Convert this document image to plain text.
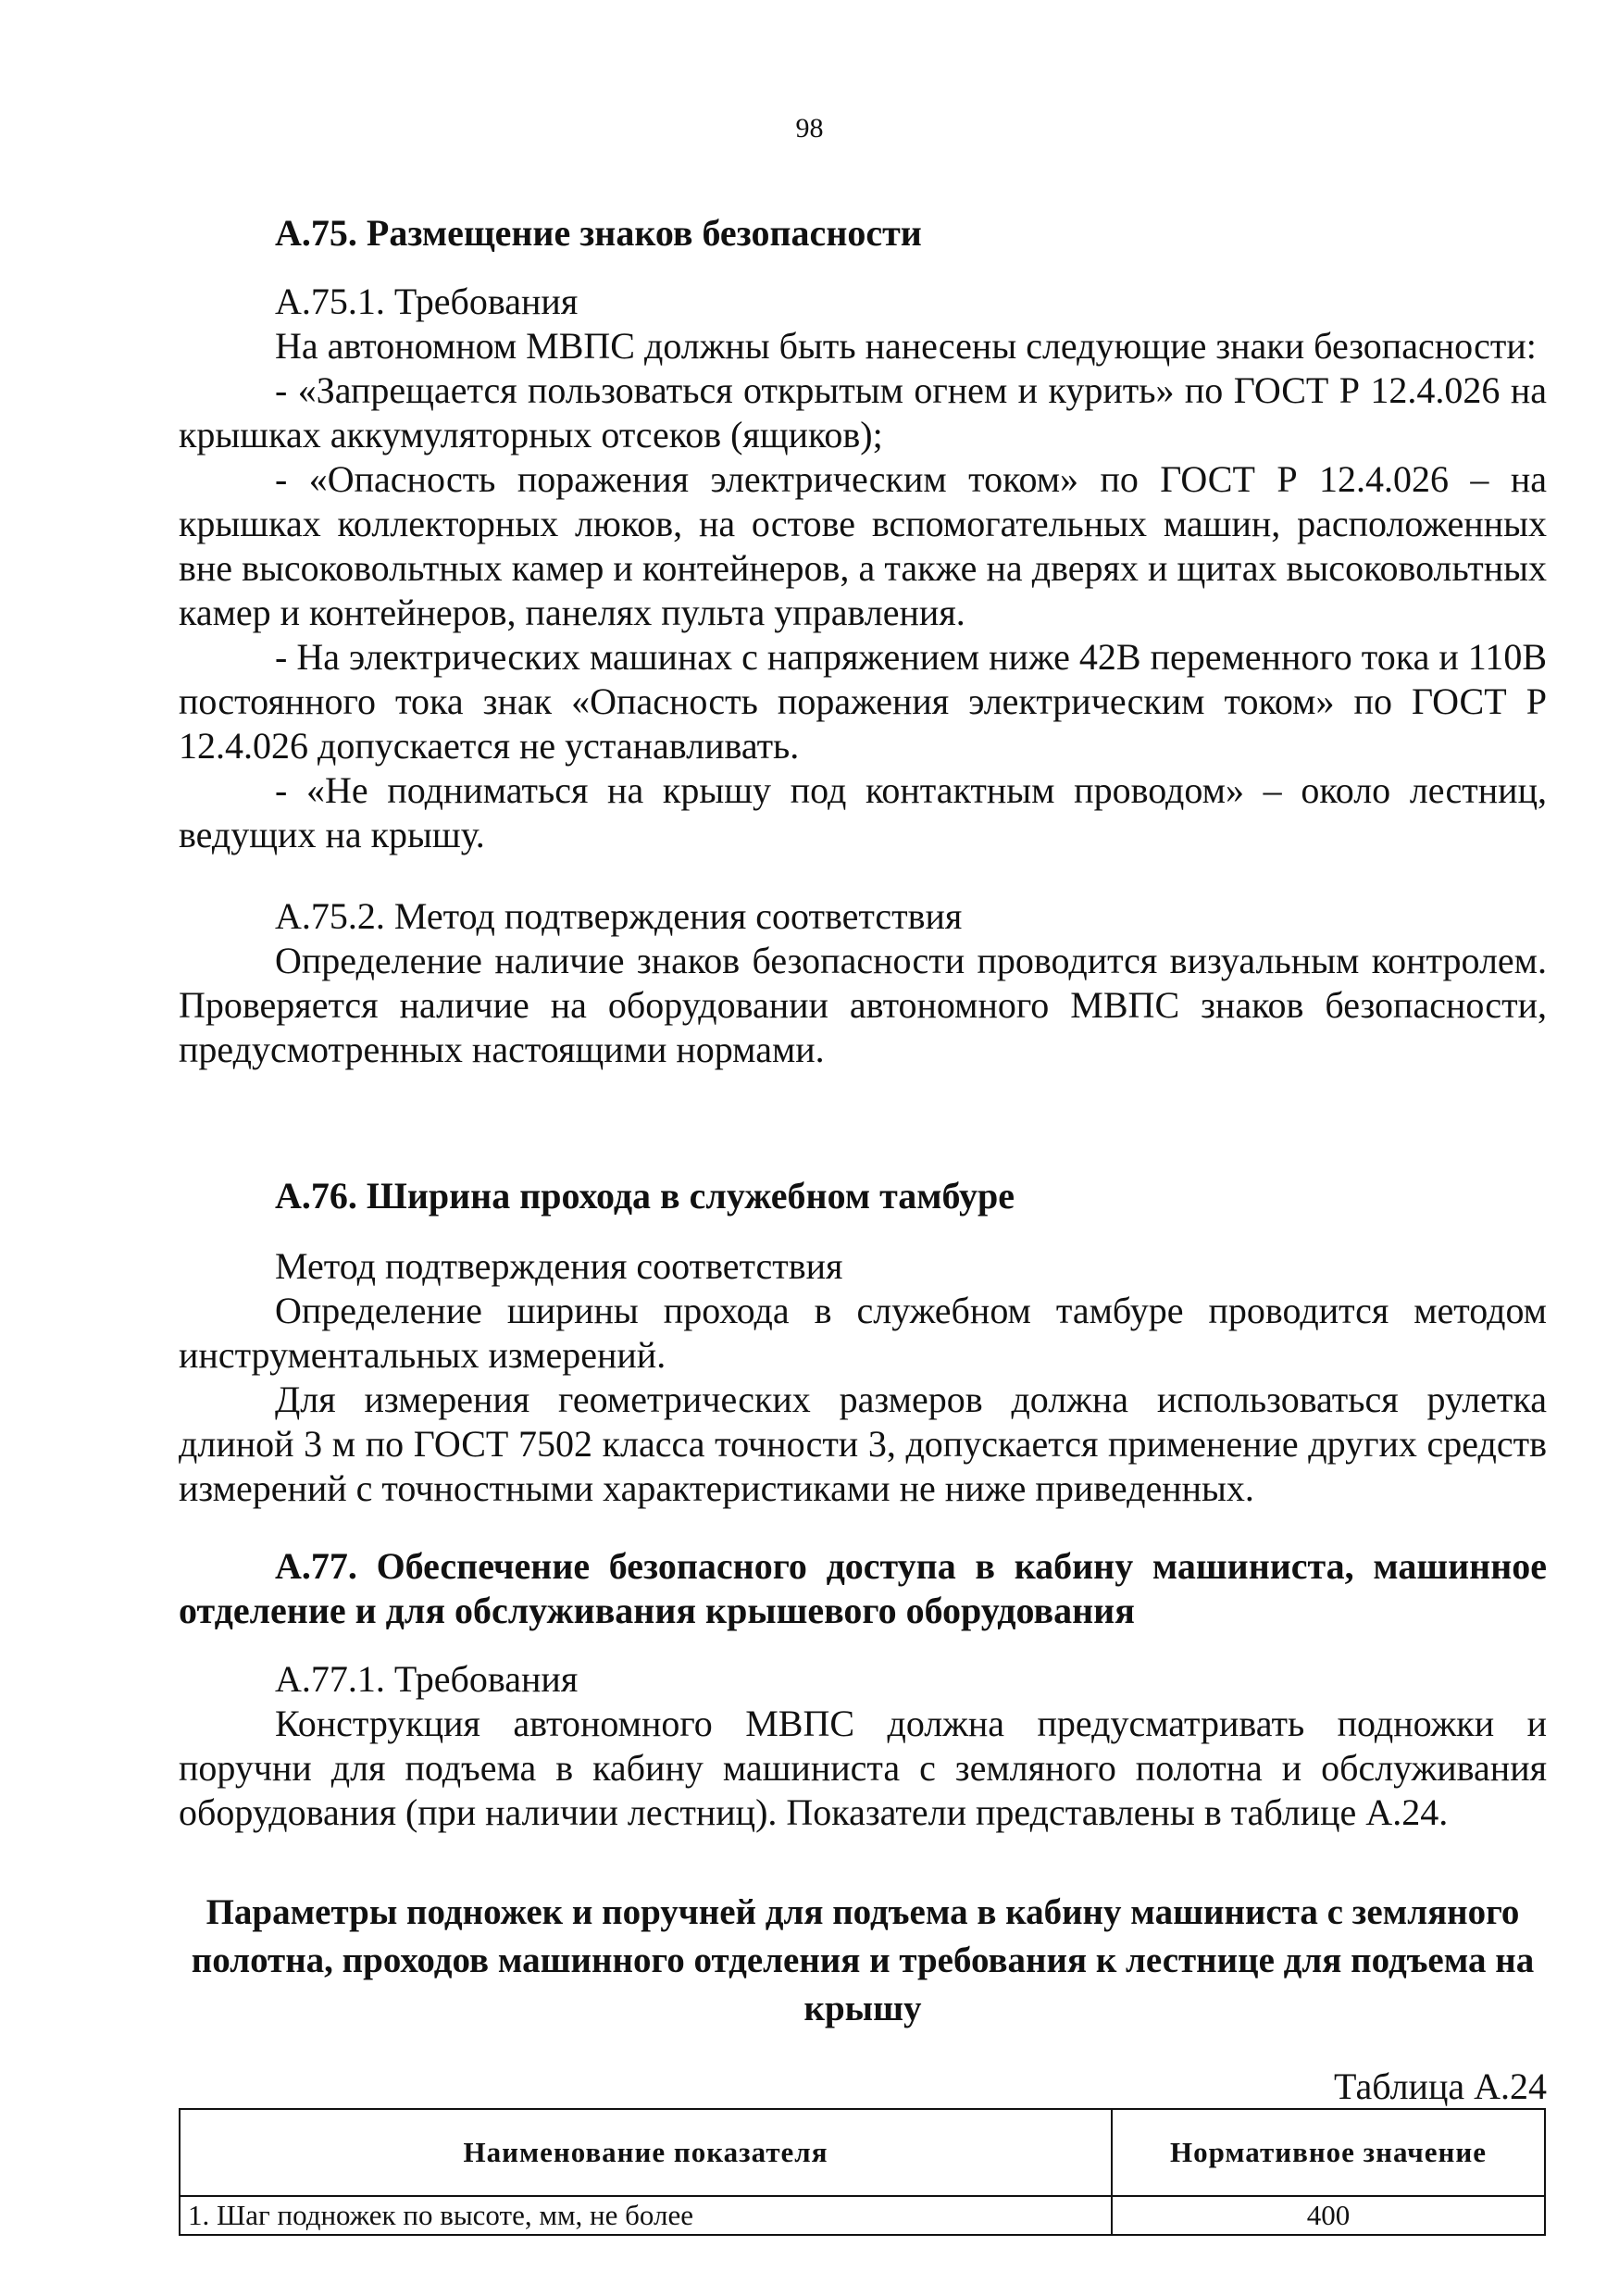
98
А.75. Размещение знаков безопасности
А.75.1. Требования

На автономном МВПС должны быть нанесены следующие знаки безопасности:

- «Запрещается пользоваться открытым огнем и курить» по ГОСТ Р 12.4.026 на крышках аккумуляторных отсеков (ящиков);

- «Опасность поражения электрическим током» по ГОСТ Р 12.4.026 – на крышках коллекторных люков, на остове вспомогательных машин, расположенных вне высоковольтных камер и контейнеров, а также на дверях и щитах высоковольтных камер и контейнеров, панелях пульта управления.

- На электрических машинах с напряжением ниже 42В переменного тока и 110В постоянного тока знак «Опасность поражения электрическим током» по ГОСТ Р 12.4.026 допускается не устанавливать.

- «Не подниматься на крышу под контактным проводом» – около лестниц, ведущих на крышу.

А.75.2. Метод подтверждения соответствия

Определение наличие знаков безопасности проводится визуальным контролем. Проверяется наличие на оборудовании автономного МВПС знаков безопасности, предусмотренных настоящими нормами.

А.76. Ширина прохода в служебном тамбуре
Метод подтверждения соответствия

Определение ширины прохода в служебном тамбуре проводится методом инструментальных измерений.

Для измерения геометрических размеров должна использоваться рулетка длиной 3 м по ГОСТ 7502 класса точности 3, допускается применение других средств измерений с точностными характеристиками не ниже приведенных.

А.77. Обеспечение безопасного доступа в кабину машиниста, машинное отделение и для обслуживания крышевого оборудования
А.77.1. Требования

Конструкция автономного МВПС должна предусматривать подножки и поручни для подъема в кабину машиниста с земляного полотна и обслуживания оборудования (при наличии лестниц). Показатели представлены в таблице А.24.

Параметры подножек и поручней для подъема в кабину машиниста с земляного полотна, проходов машинного отделения и требования к лестнице для подъема на крышу
Таблица А.24
Наименование показателя	Нормативное значение
1. Шаг подножек по высоте, мм, не более	400
